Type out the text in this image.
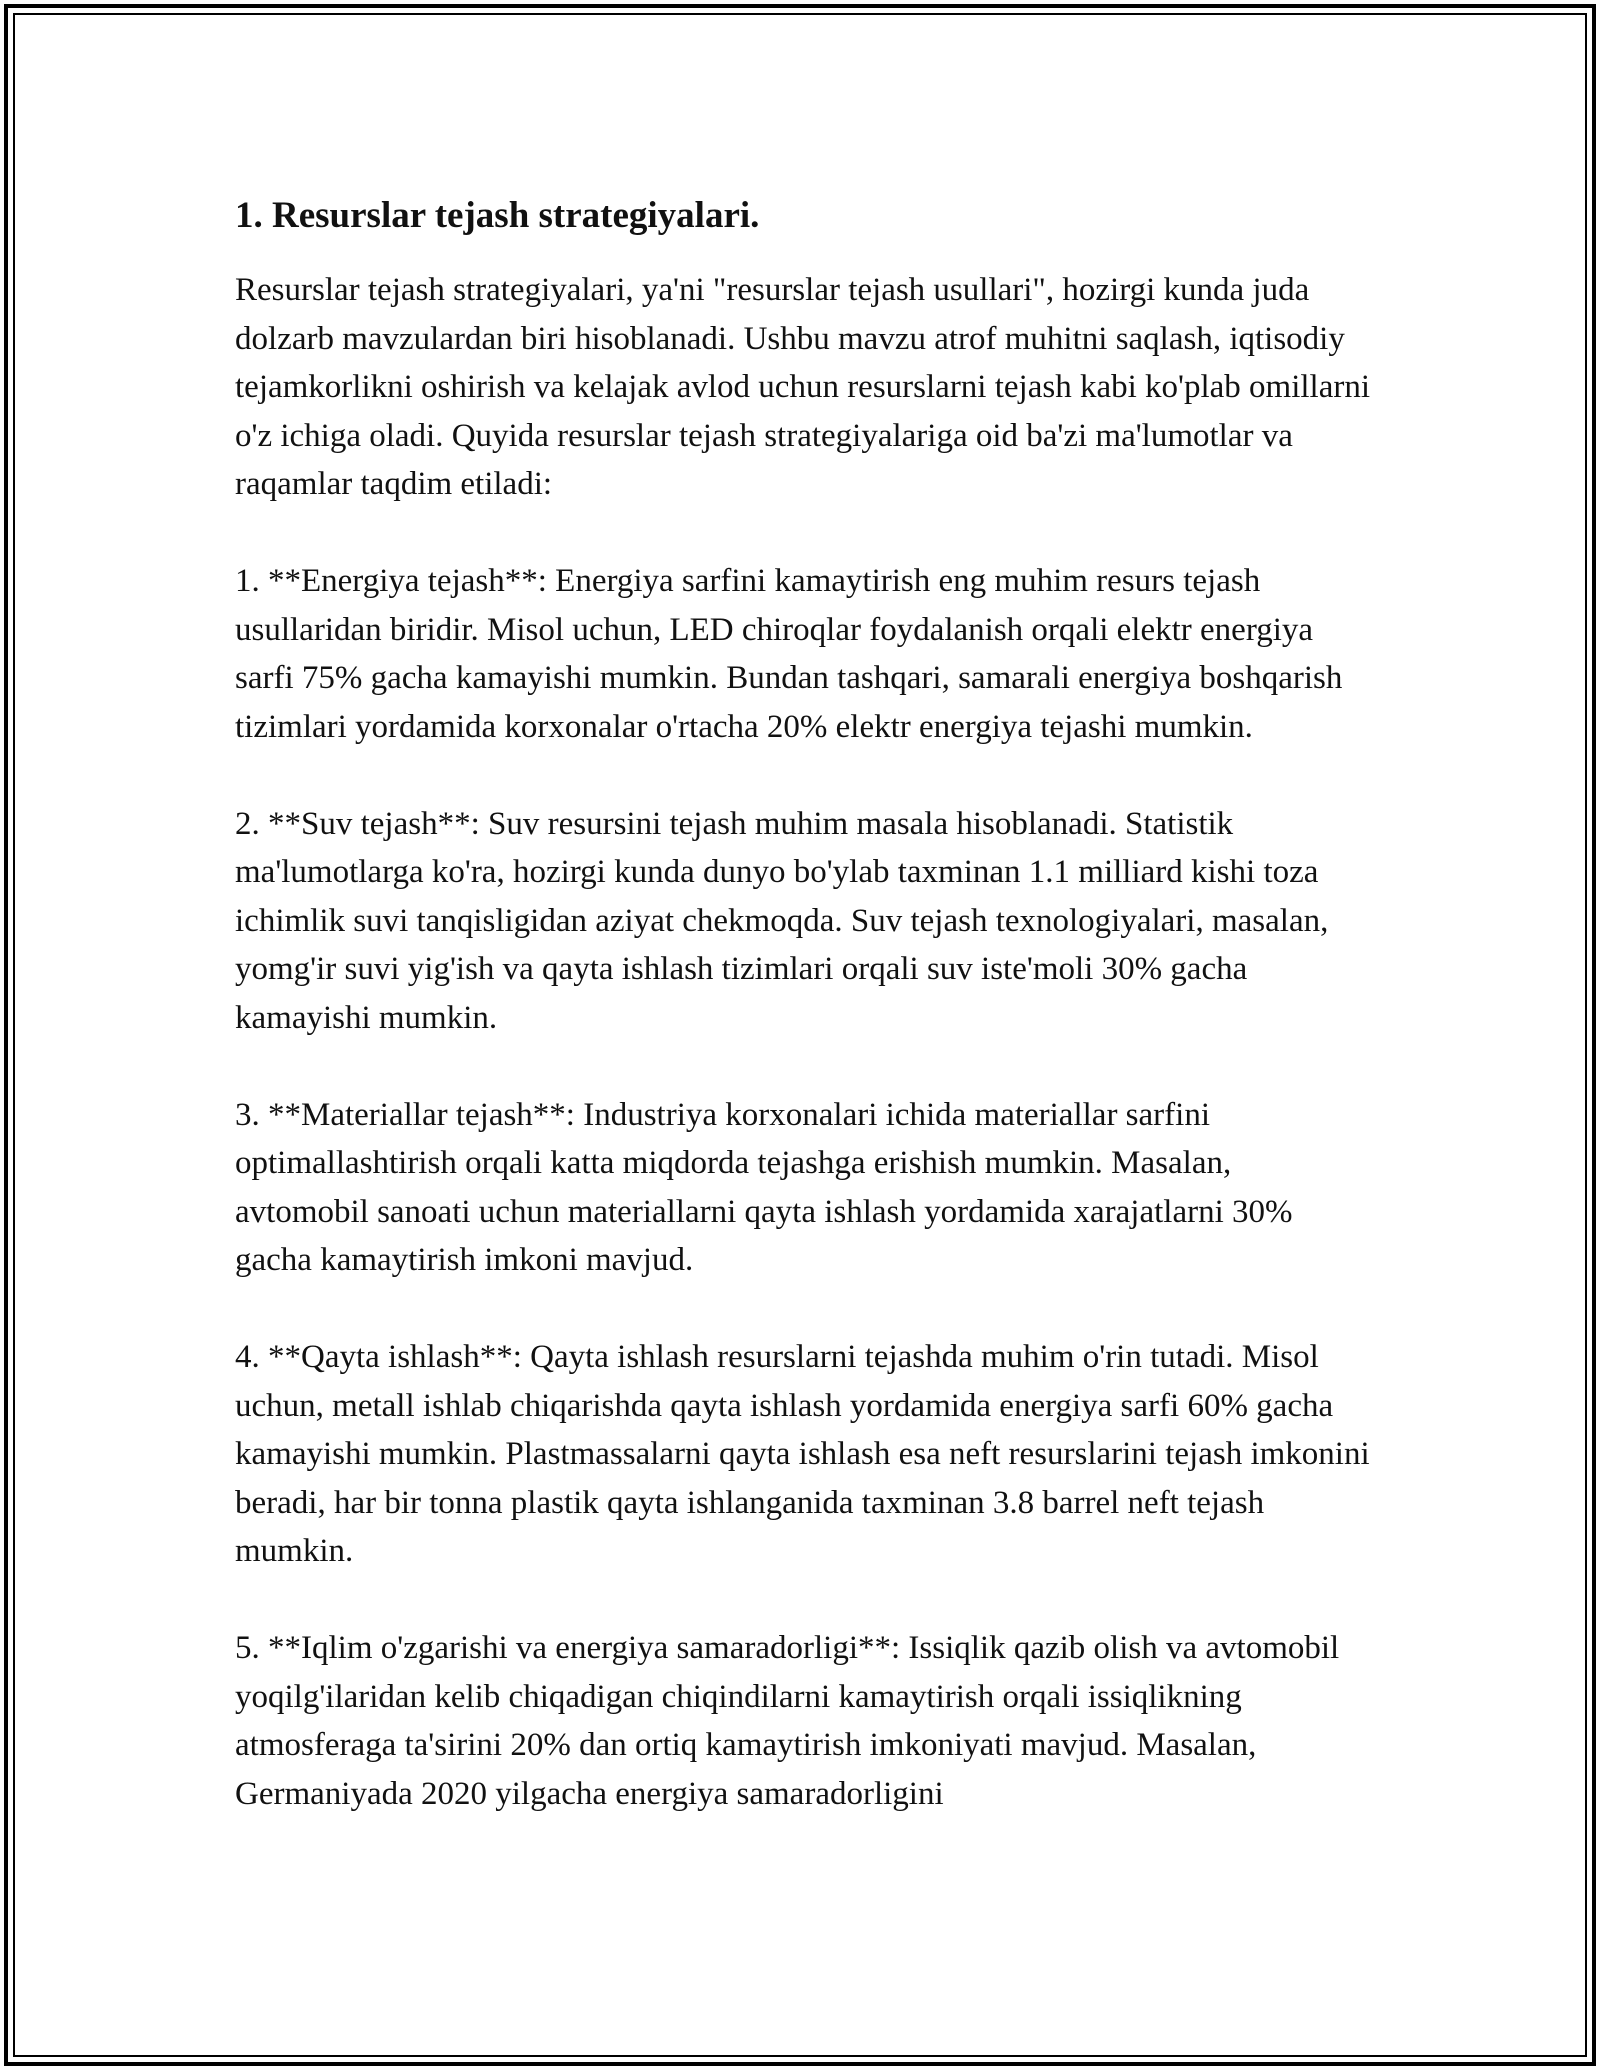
1. Resurslar tejash strategiyalari.

Resurslar tejash strategiyalari, ya'ni "resurslar tejash usullari", hozirgi kunda juda dolzarb mavzulardan biri hisoblanadi. Ushbu mavzu atrof muhitni saqlash, iqtisodiy tejamkorlikni oshirish va kelajak avlod uchun resurslarni tejash kabi ko'plab omillarni o'z ichiga oladi. Quyida resurslar tejash strategiyalariga oid ba'zi ma'lumotlar va raqamlar taqdim etiladi:

1. **Energiya tejash**: Energiya sarfini kamaytirish eng muhim resurs tejash usullaridan biridir. Misol uchun, LED chiroqlar foydalanish orqali elektr energiya sarfi 75% gacha kamayishi mumkin. Bundan tashqari, samarali energiya boshqarish tizimlari yordamida korxonalar o'rtacha 20% elektr energiya tejashi mumkin.

2. **Suv tejash**: Suv resursini tejash muhim masala hisoblanadi. Statistik ma'lumotlarga ko'ra, hozirgi kunda dunyo bo'ylab taxminan 1.1 milliard kishi toza ichimlik suvi tanqisligidan aziyat chekmoqda. Suv tejash texnologiyalari, masalan, yomg'ir suvi yig'ish va qayta ishlash tizimlari orqali suv iste'moli 30% gacha kamayishi mumkin.

3. **Materiallar tejash**: Industriya korxonalari ichida materiallar sarfini optimallashtirish orqali katta miqdorda tejashga erishish mumkin. Masalan, avtomobil sanoati uchun materiallarni qayta ishlash yordamida xarajatlarni 30% gacha kamaytirish imkoni mavjud.

4. **Qayta ishlash**: Qayta ishlash resurslarni tejashda muhim o'rin tutadi. Misol uchun, metall ishlab chiqarishda qayta ishlash yordamida energiya sarfi 60% gacha kamayishi mumkin. Plastmassalarni qayta ishlash esa neft resurslarini tejash imkonini beradi, har bir tonna plastik qayta ishlanganida taxminan 3.8 barrel neft tejash mumkin.

5. **Iqlim o'zgarishi va energiya samaradorligi**: Issiqlik qazib olish va avtomobil yoqilg'ilaridan kelib chiqadigan chiqindilarni kamaytirish orqali issiqlikning atmosferaga ta'sirini 20% dan ortiq kamaytirish imkoniyati mavjud. Masalan, Germaniyada 2020 yilgacha energiya samaradorligini
